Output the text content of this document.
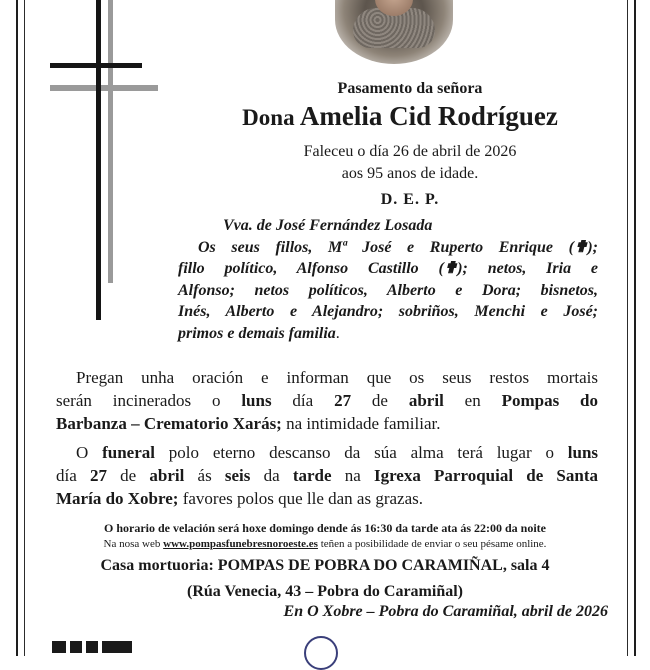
Pasamento da señora
Dona Amelia Cid Rodríguez
Faleceu o día 26 de abril de 2026
aos 95 anos de idade.
D. E. P.
Vva. de José Fernández Losada
Os seus fillos, Mª José e Ruperto Enrique (✟);
fillo político, Alfonso Castillo (✟); netos, Iria e
Alfonso; netos políticos, Alberto e Dora; bisnetos,
Inés, Alberto e Alejandro; sobriños, Menchi e José;
primos e demais familia.
Pregan unha oración e informan que os seus restos mortais
serán incinerados o luns día 27 de abril en Pompas do
Barbanza – Crematorio Xarás; na intimidade familiar.
O funeral polo eterno descanso da súa alma terá lugar o luns
día 27 de abril ás seis da tarde na Igrexa Parroquial de Santa
María do Xobre; favores polos que lle dan as grazas.
O horario de velación será hoxe domingo dende ás 16:30 da tarde ata ás 22:00 da noite
Na nosa web www.pompasfunebresnoroeste.es teñen a posibilidade de enviar o seu pésame online.
Casa mortuoria: POMPAS DE POBRA DO CARAMIÑAL, sala 4
(Rúa Venecia, 43 – Pobra do Caramiñal)
En O Xobre – Pobra do Caramiñal, abril de 2026
